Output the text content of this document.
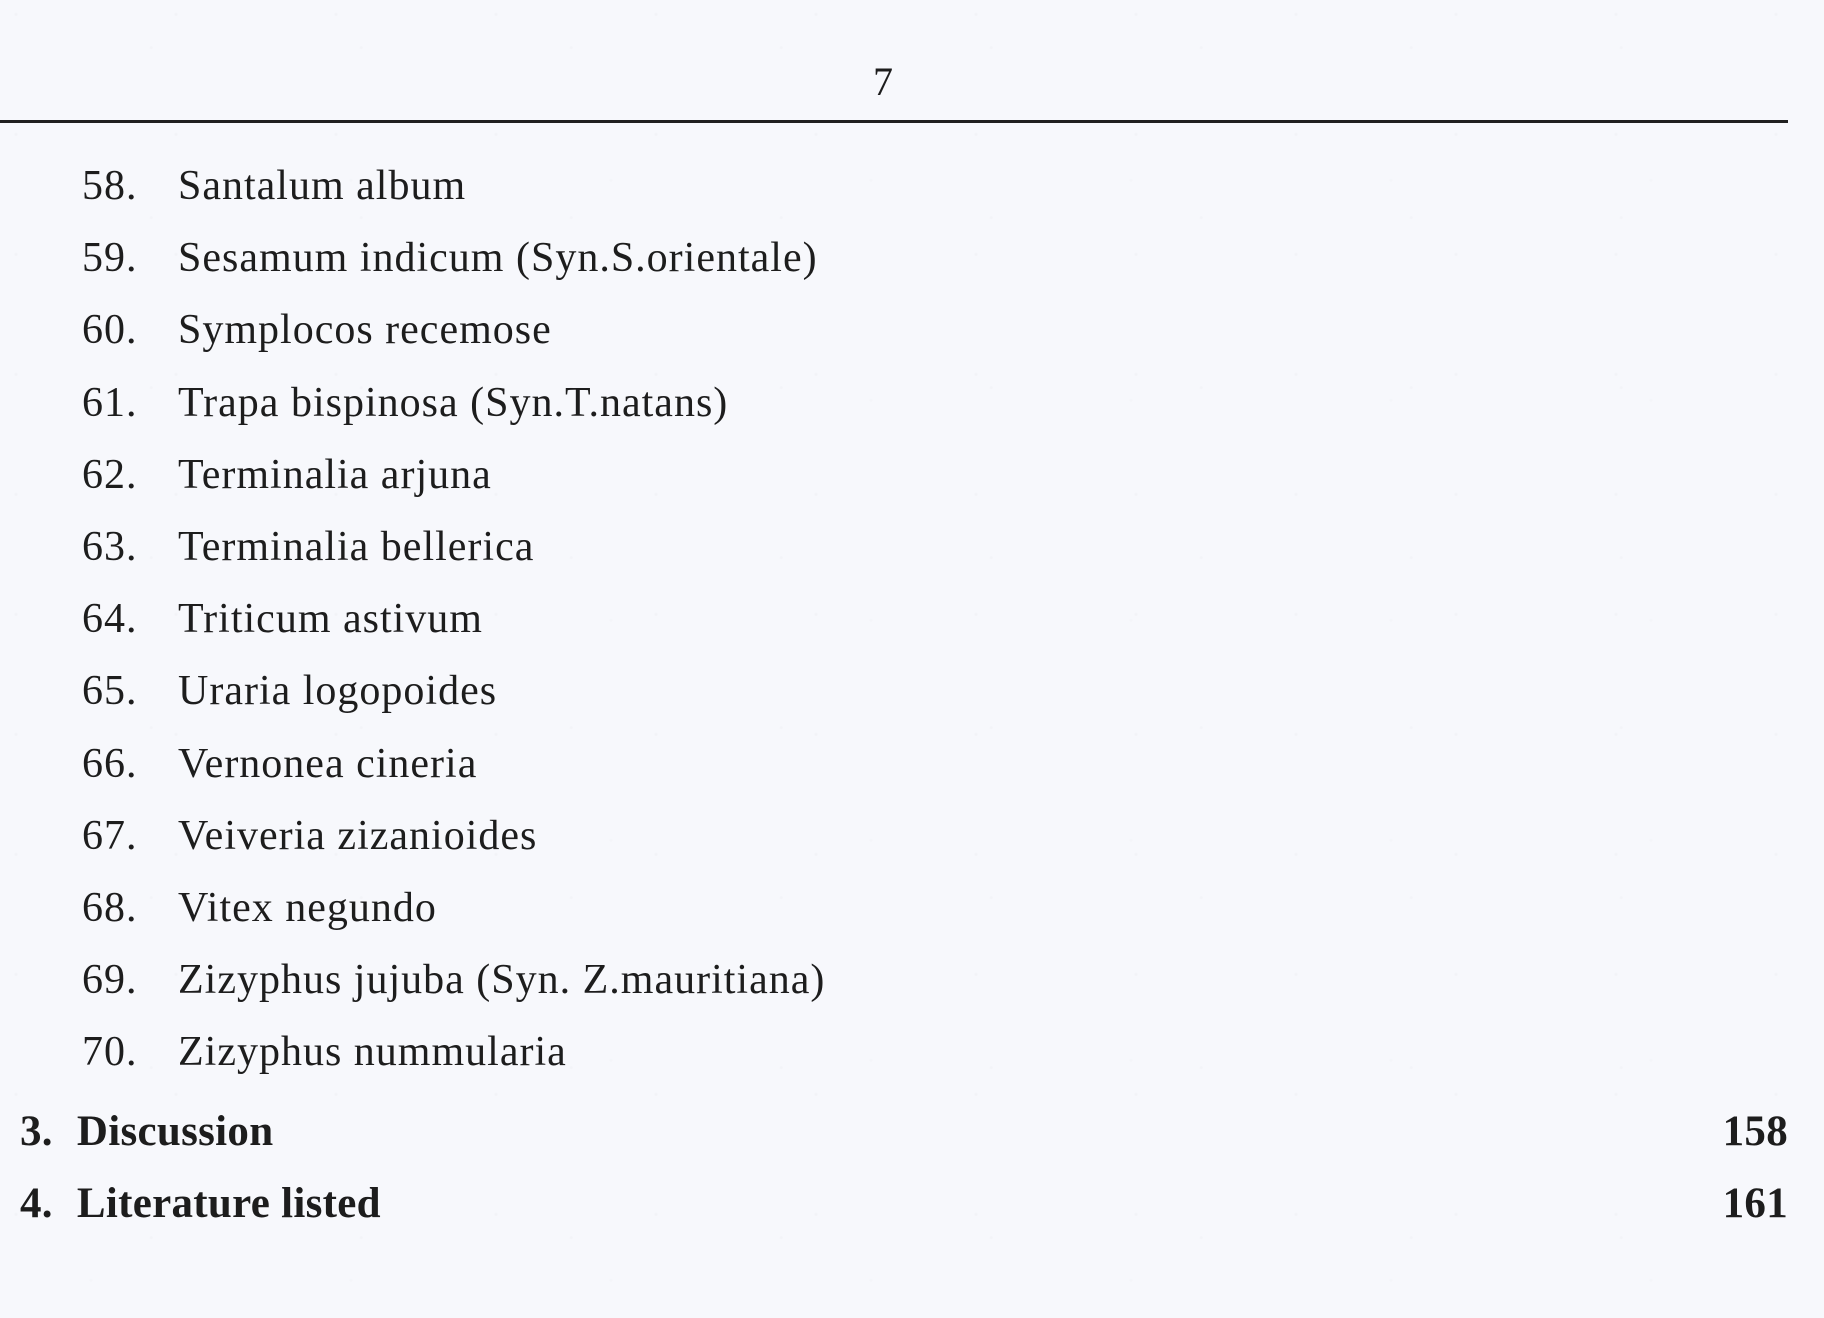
7
58. Santalum album
59. Sesamum indicum (Syn.S.orientale)
60. Symplocos recemose
61. Trapa bispinosa (Syn.T.natans)
62. Terminalia arjuna
63. Terminalia bellerica
64. Triticum astivum
65. Uraria logopoides
66. Vernonea cineria
67. Veiveria zizanioides
68. Vitex negundo
69. Zizyphus jujuba (Syn. Z.mauritiana)
70. Zizyphus nummularia
3. Discussion	158
4. Literature listed	161
